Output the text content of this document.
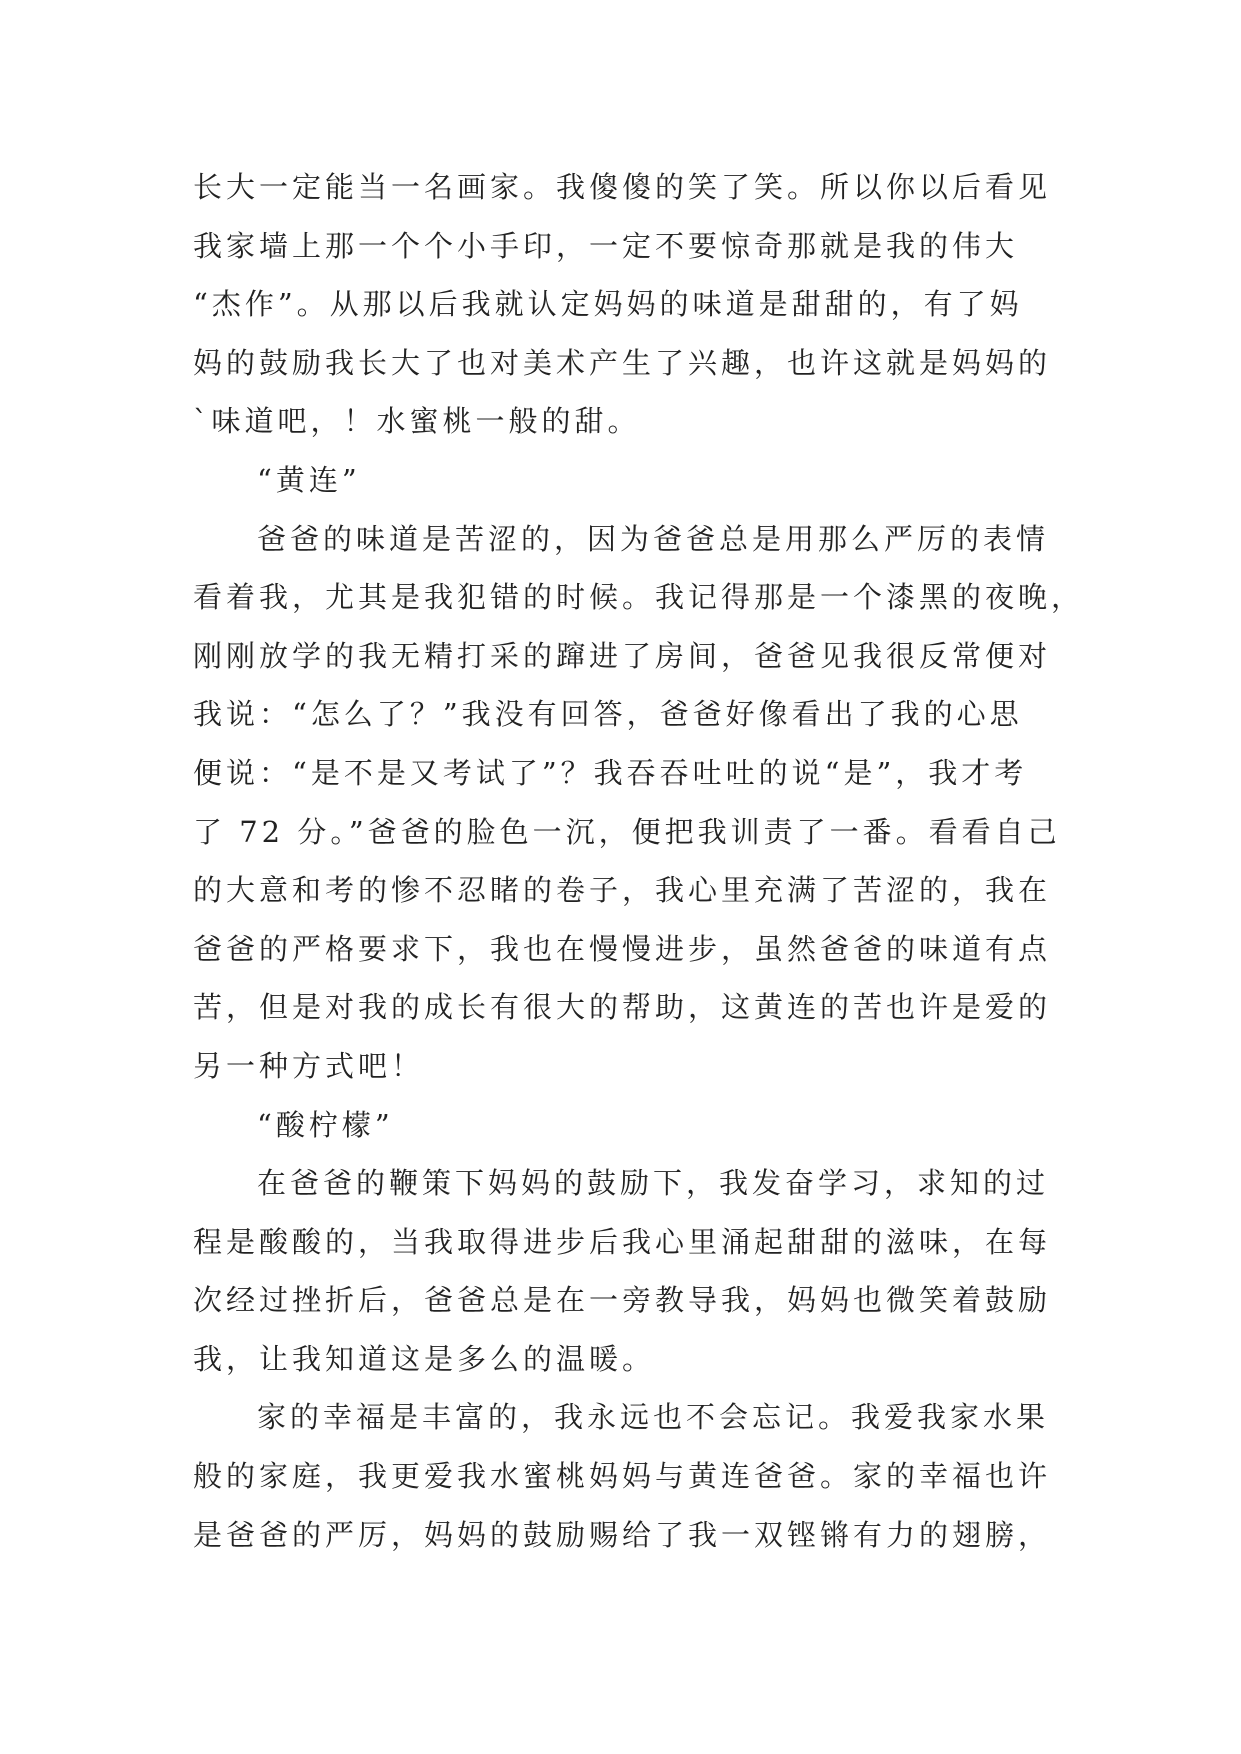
长大一定能当一名画家。我傻傻的笑了笑。所以你以后看见
我家墙上那一个个小手印，一定不要惊奇那就是我的伟大
“杰作”。从那以后我就认定妈妈的味道是甜甜的，有了妈
妈的鼓励我长大了也对美术产生了兴趣，也许这就是妈妈的
`味道吧，！水蜜桃一般的甜。
“黄连”
爸爸的味道是苦涩的，因为爸爸总是用那么严厉的表情
看着我，尤其是我犯错的时候。我记得那是一个漆黑的夜晚，
刚刚放学的我无精打采的蹿进了房间，爸爸见我很反常便对
我说：“怎么了？”我没有回答，爸爸好像看出了我的心思
便说：“是不是又考试了”？我吞吞吐吐的说“是”，我才考
了 72 分。”爸爸的脸色一沉，便把我训责了一番。看看自己
的大意和考的惨不忍睹的卷子，我心里充满了苦涩的，我在
爸爸的严格要求下，我也在慢慢进步，虽然爸爸的味道有点
苦，但是对我的成长有很大的帮助，这黄连的苦也许是爱的
另一种方式吧！
“酸柠檬”
在爸爸的鞭策下妈妈的鼓励下，我发奋学习，求知的过
程是酸酸的，当我取得进步后我心里涌起甜甜的滋味，在每
次经过挫折后，爸爸总是在一旁教导我，妈妈也微笑着鼓励
我，让我知道这是多么的温暖。
家的幸福是丰富的，我永远也不会忘记。我爱我家水果
般的家庭，我更爱我水蜜桃妈妈与黄连爸爸。家的幸福也许
是爸爸的严厉，妈妈的鼓励赐给了我一双铿锵有力的翅膀，
